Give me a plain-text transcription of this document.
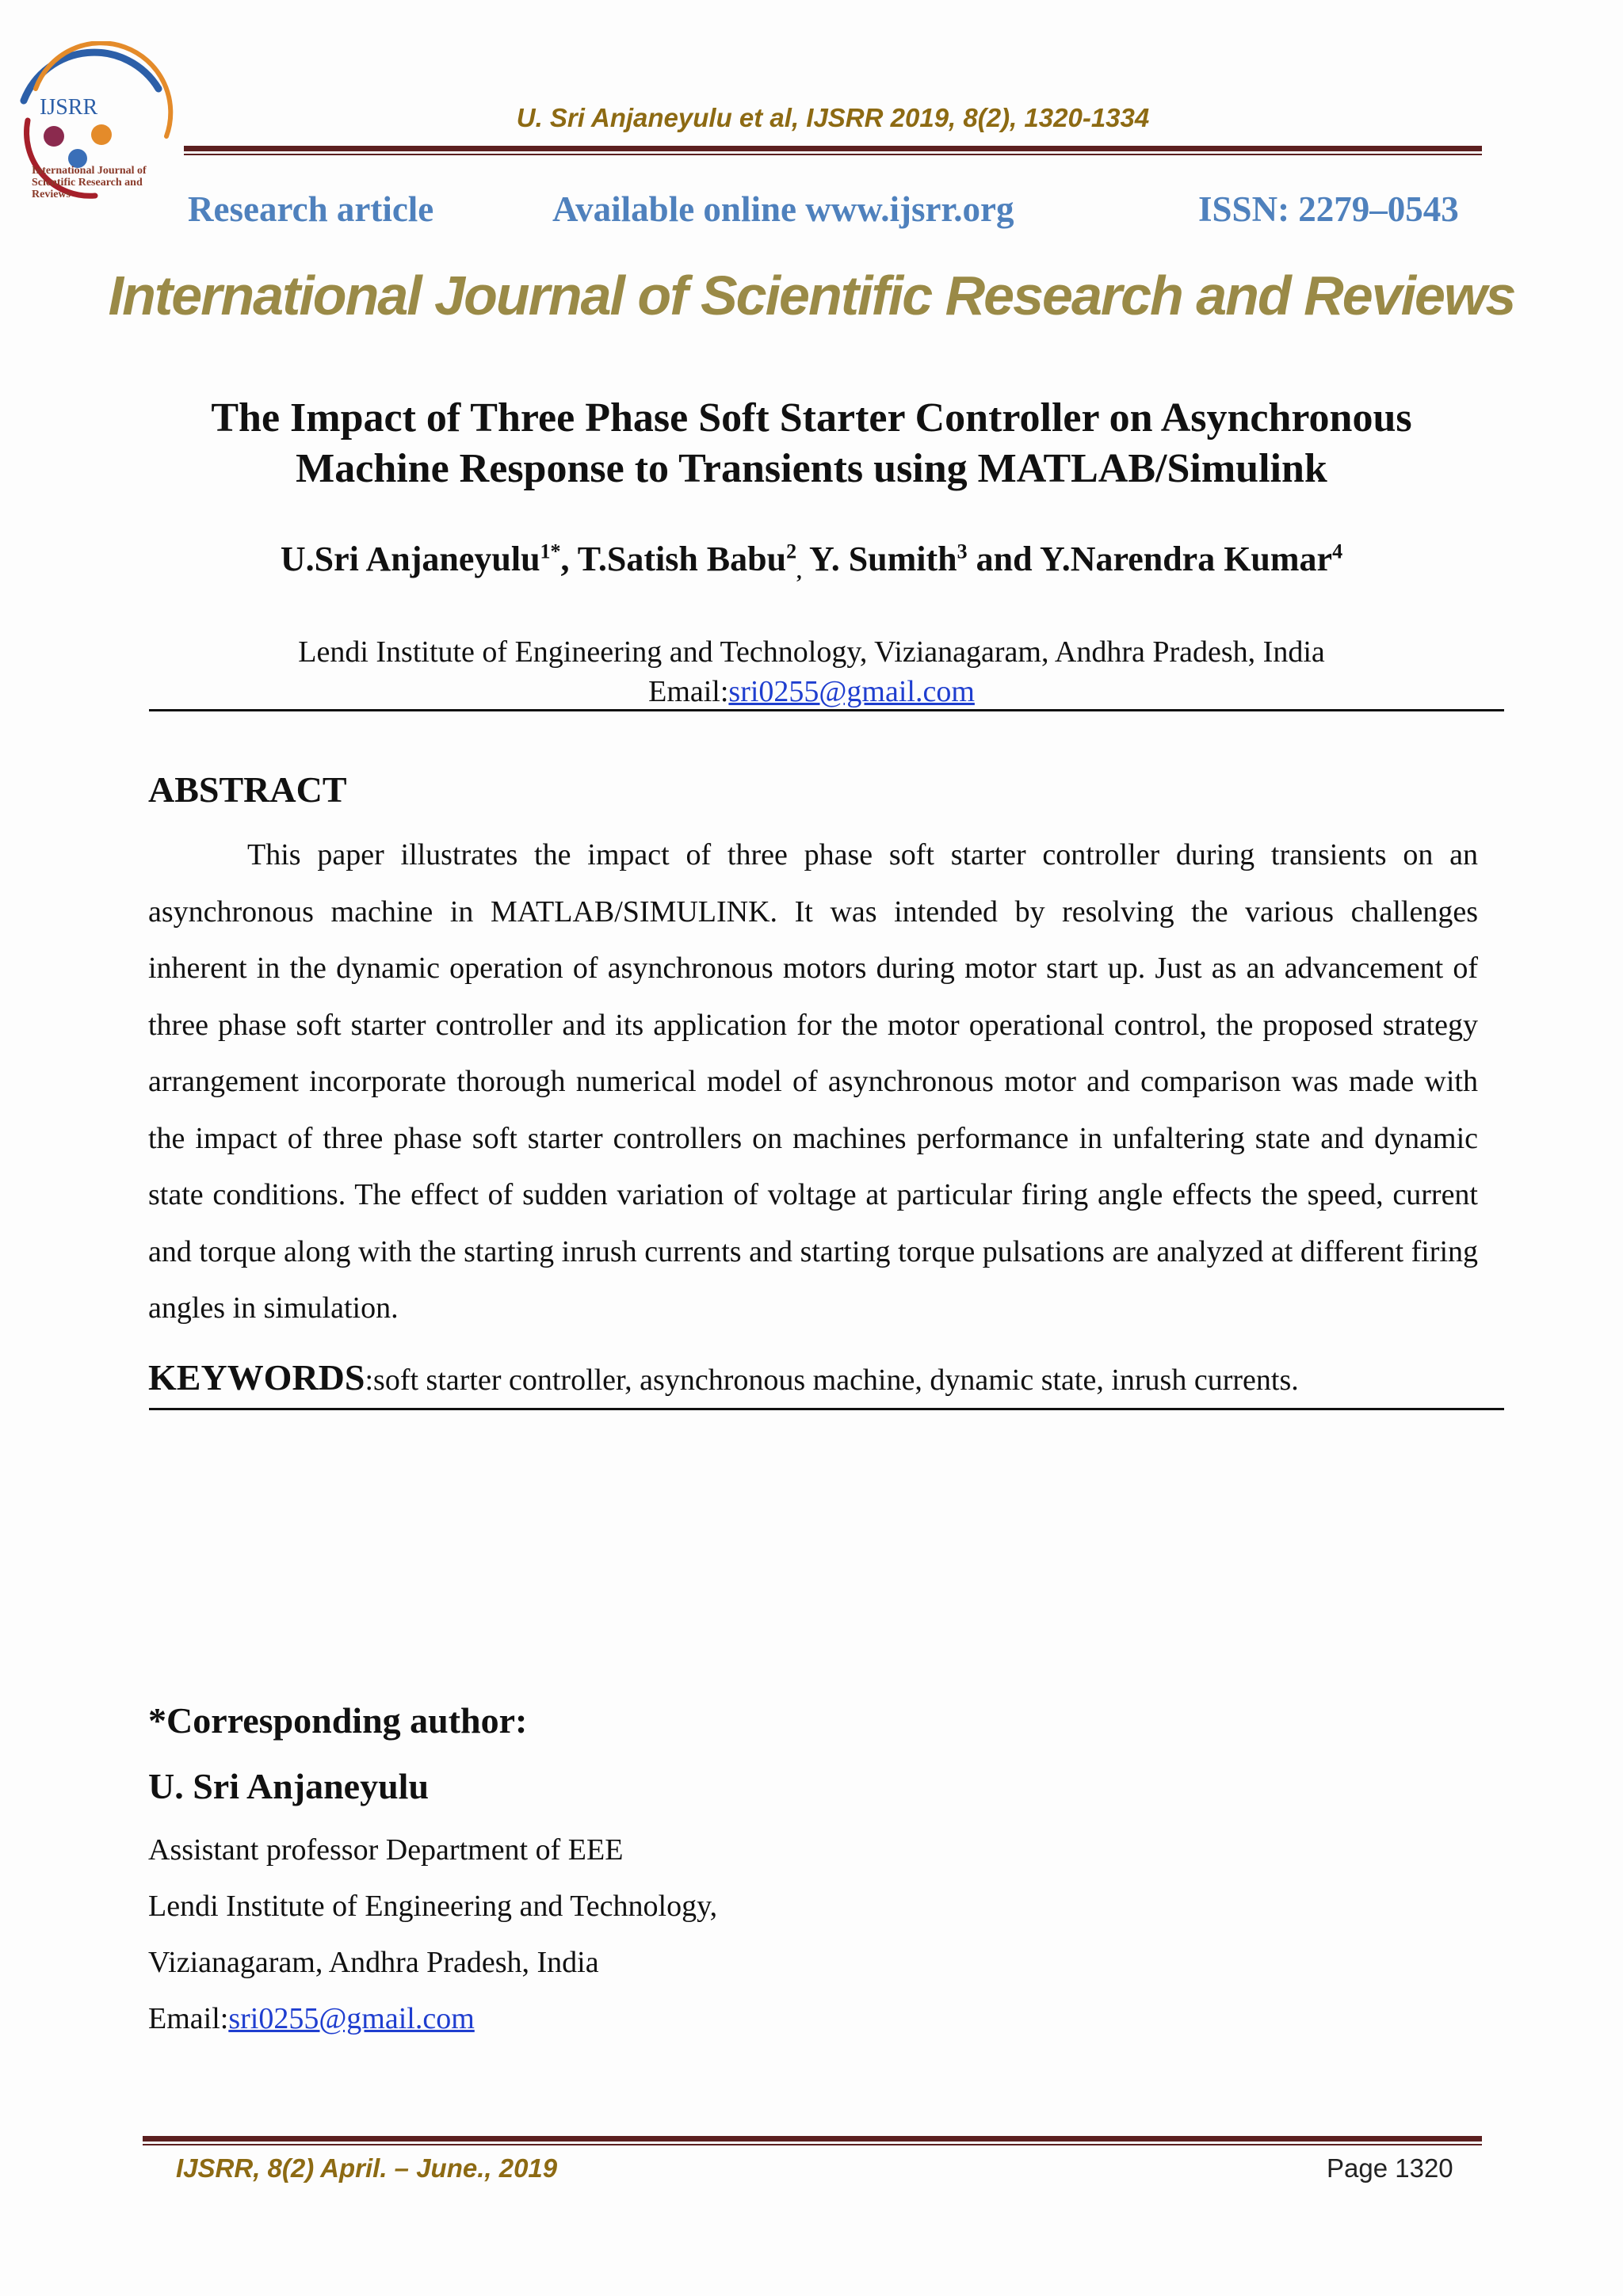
IJSRR
International Journal of Scientific Research and Reviews
U. Sri Anjaneyulu et al, IJSRR 2019, 8(2), 1320-1334
Research article	Available online www.ijsrr.org	ISSN: 2279–0543
International Journal of Scientific Research and Reviews
The Impact of Three Phase Soft Starter Controller on Asynchronous
Machine Response to Transients using MATLAB/Simulink
U.Sri Anjaneyulu$^{1*}$, T.Satish Babu$^2_,$ Y. Sumith$^3$ and Y.Narendra Kumar$^4$
Lendi Institute of Engineering and Technology, Vizianagaram, Andhra Pradesh, India
Email:sri0255@gmail.com
ABSTRACT
This paper illustrates the impact of three phase soft starter controller during transients on an asynchronous machine in MATLAB/SIMULINK. It was intended by resolving the various challenges inherent in the dynamic operation of asynchronous motors during motor start up. Just as an advancement of three phase soft starter controller and its application for the motor operational control, the proposed strategy arrangement incorporate thorough numerical model of asynchronous motor and comparison was made with the impact of three phase soft starter controllers on machines performance in unfaltering state and dynamic state conditions. The effect of sudden variation of voltage at particular firing angle effects the speed, current and torque along with the starting inrush currents and starting torque pulsations are analyzed at different firing angles in simulation.
KEYWORDS:soft starter controller, asynchronous machine, dynamic state, inrush currents.
*Corresponding author:
U. Sri Anjaneyulu
Assistant professor Department of EEE
Lendi Institute of Engineering and Technology,
Vizianagaram, Andhra Pradesh, India
Email:sri0255@gmail.com
IJSRR, 8(2) April. – June., 2019	Page 1320
